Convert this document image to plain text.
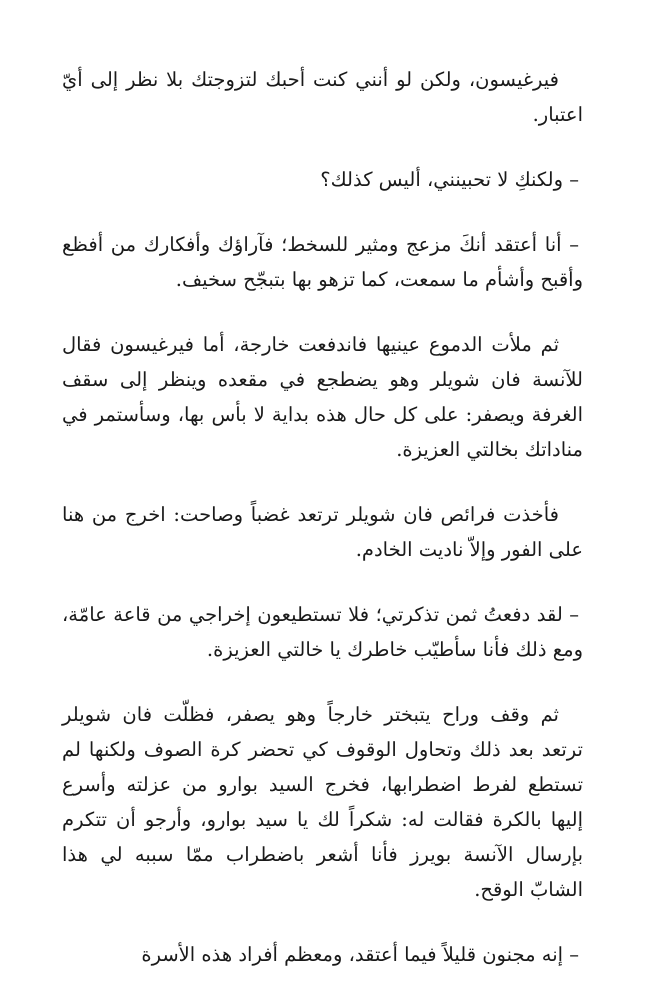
فيرغيسون، ولكن لو أنني كنت أحبك لتزوجتك بلا نظر إلى أيّ اعتبار.

– ولكنكِ لا تحبينني، أليس كذلك؟

– أنا أعتقد أنكَ مزعج ومثير للسخط؛ فآراؤك وأفكارك من أفظع وأقبح وأشأم ما سمعت، كما تزهو بها بتبجّح سخيف.

ثم ملأت الدموع عينيها فاندفعت خارجة، أما فيرغيسون فقال للآنسة فان شويلر وهو يضطجع في مقعده وينظر إلى سقف الغرفة ويصفر: على كل حال هذه بداية لا بأس بها، وسأستمر في مناداتك بخالتي العزيزة.

فأخذت فرائص فان شويلر ترتعد غضباً وصاحت: اخرج من هنا على الفور وإلاّ ناديت الخادم.

– لقد دفعتُ ثمن تذكرتي؛ فلا تستطيعون إخراجي من قاعة عامّة، ومع ذلك فأنا سأطيّب خاطرك يا خالتي العزيزة.

ثم وقف وراح يتبختر خارجاً وهو يصفر، فظلّت فان شويلر ترتعد بعد ذلك وتحاول الوقوف كي تحضر كرة الصوف ولكنها لم تستطع لفرط اضطرابها، فخرج السيد بوارو من عزلته وأسرع إليها بالكرة فقالت له: شكراً لك يا سيد بوارو، وأرجو أن تتكرم بإرسال الآنسة بويرز فأنا أشعر باضطراب ممّا سببه لي هذا الشابّ الوقح.

– إنه مجنون قليلاً فيما أعتقد، ومعظم أفراد هذه الأسرة
